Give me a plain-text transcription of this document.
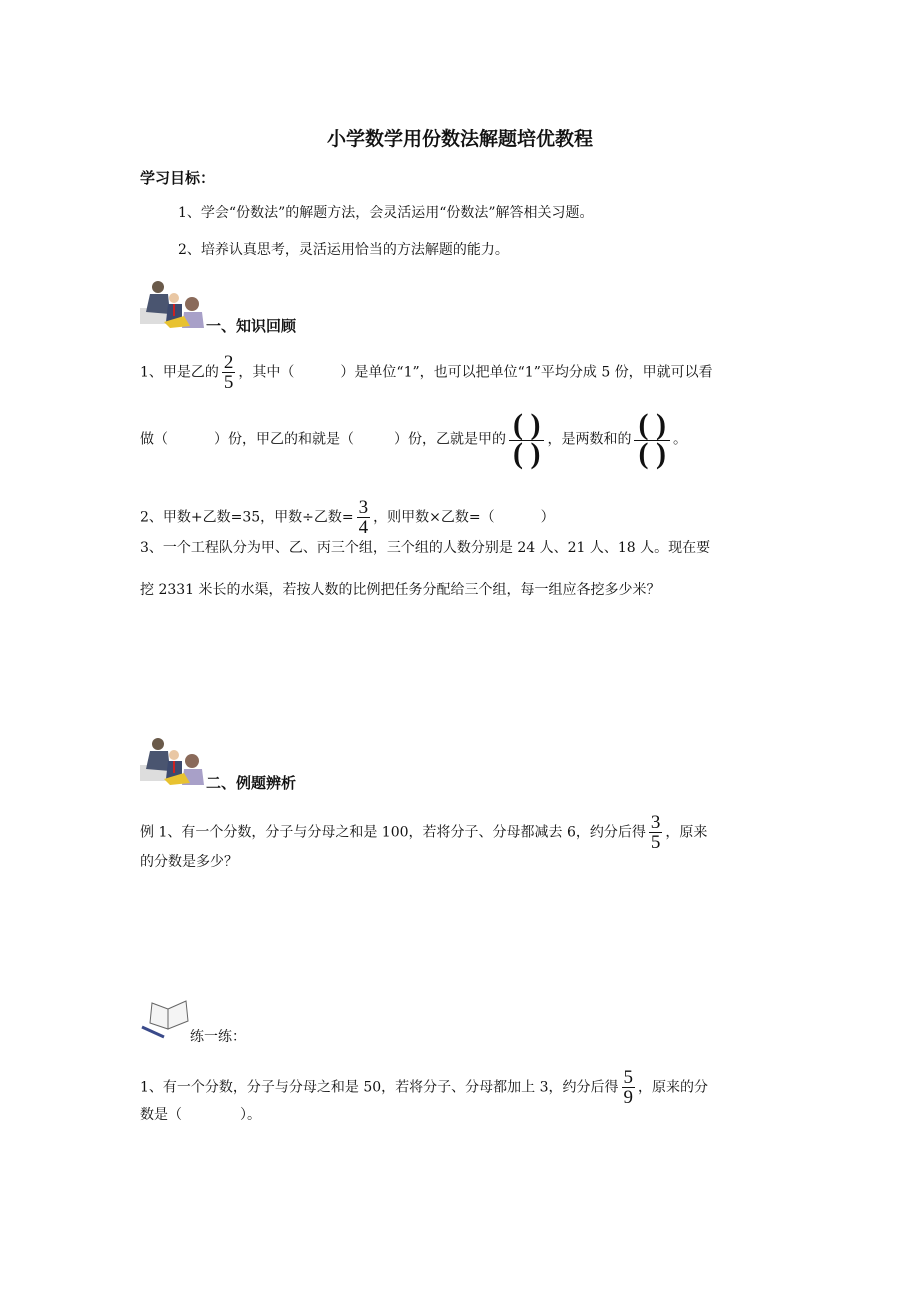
小学数学用份数法解题培优教程
学习目标：
1、学会“份数法”的解题方法，会灵活运用“份数法”解答相关习题。
2、培养认真思考，灵活运用恰当的方法解题的能力。
一、知识回顾
1、甲是乙的 $\frac{2}{5}$ ，其中（	）是单位“1”，也可以把单位“1”平均分成 5 份，甲就可以看
做（	）份，甲乙的和就是（	）份，乙就是甲的 $\frac{( )}{( )}$ ，是两数和的 $\frac{( )}{( )}$ 。
2、甲数+乙数=35，甲数÷乙数= $\frac{3}{4}$ ，则甲数×乙数=（	）
3、一个工程队分为甲、乙、丙三个组，三个组的人数分别是 24 人、21 人、18 人。现在要
挖 2331 米长的水渠，若按人数的比例把任务分配给三个组，每一组应各挖多少米？
二、例题辨析
例 1、有一个分数，分子与分母之和是 100，若将分子、分母都减去 6，约分后得 $\frac{3}{5}$ ，原来
的分数是多少？
练一练：
1、有一个分数，分子与分母之和是 50，若将分子、分母都加上 3，约分后得 $\frac{5}{9}$ ，原来的分
数是（	）。
